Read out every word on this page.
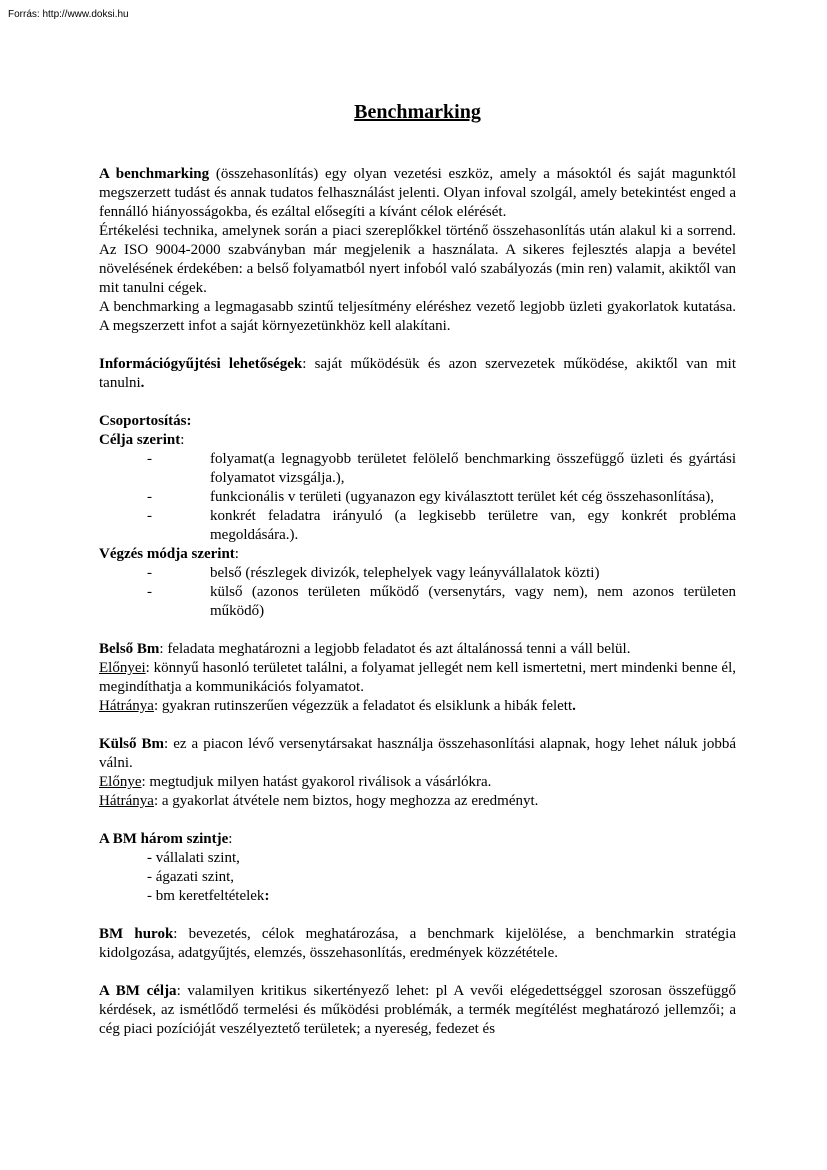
Forrás: http://www.doksi.hu
Benchmarking

A benchmarking (összehasonlítás) egy olyan vezetési eszköz, amely a másoktól és saját magunktól megszerzett tudást és annak tudatos felhasználást jelenti. Olyan infoval szolgál, amely betekintést enged a fennálló hiányosságokba, és ezáltal elősegíti a kívánt célok elérését.

Értékelési technika, amelynek során a piaci szereplőkkel történő összehasonlítás után alakul ki a sorrend. Az ISO 9004-2000 szabványban már megjelenik a használata. A sikeres fejlesztés alapja a bevétel növelésének érdekében: a belső folyamatból nyert infoból való szabályozás (min ren) valamit, akiktől van mit tanulni cégek.

A benchmarking a legmagasabb szintű teljesítmény eléréshez vezető legjobb üzleti gyakorlatok kutatása. A megszerzett infot a saját környezetünkhöz kell alakítani.

Információgyűjtési lehetőségek: saját működésük és azon szervezetek működése, akiktől van mit tanulni.

Csoportosítás:

Célja szerint:

-	folyamat(a legnagyobb területet felölelő benchmarking összefüggő üzleti és gyártási folyamatot vizsgálja.),
-	funkcionális v területi (ugyanazon egy kiválasztott terület két cég összehasonlítása),
-	konkrét feladatra irányuló (a legkisebb területre van, egy konkrét probléma megoldására.).

Végzés módja szerint:

-	belső (részlegek divizók, telephelyek vagy leányvállalatok közti)
-	külső (azonos területen működő (versenytárs, vagy nem), nem azonos területen működő)

Belső Bm: feladata meghatározni a legjobb feladatot és azt általánossá tenni a váll belül.

Előnyei: könnyű hasonló területet találni, a folyamat jellegét nem kell ismertetni, mert mindenki benne él, megindíthatja a kommunikációs folyamatot.

Hátránya: gyakran rutinszerűen végezzük a feladatot és elsiklunk a hibák felett.

Külső Bm: ez a piacon lévő versenytársakat használja összehasonlítási alapnak, hogy lehet náluk jobbá válni.

Előnye: megtudjuk milyen hatást gyakorol riválisok a vásárlókra.

Hátránya: a gyakorlat átvétele nem biztos, hogy meghozza az eredményt.

A BM három szintje:

- vállalati szint,

- ágazati szint,

- bm keretfeltételek:

BM hurok: bevezetés, célok meghatározása, a benchmark kijelölése, a benchmarkin stratégia kidolgozása, adatgyűjtés, elemzés, összehasonlítás, eredmények közzététele.

A BM célja: valamilyen kritikus sikertényező lehet: pl A vevői elégedettséggel szorosan összefüggő kérdések, az ismétlődő termelési és működési problémák, a termék megítélést meghatározó jellemzői; a cég piaci pozícióját veszélyeztető területek; a nyereség, fedezet és
